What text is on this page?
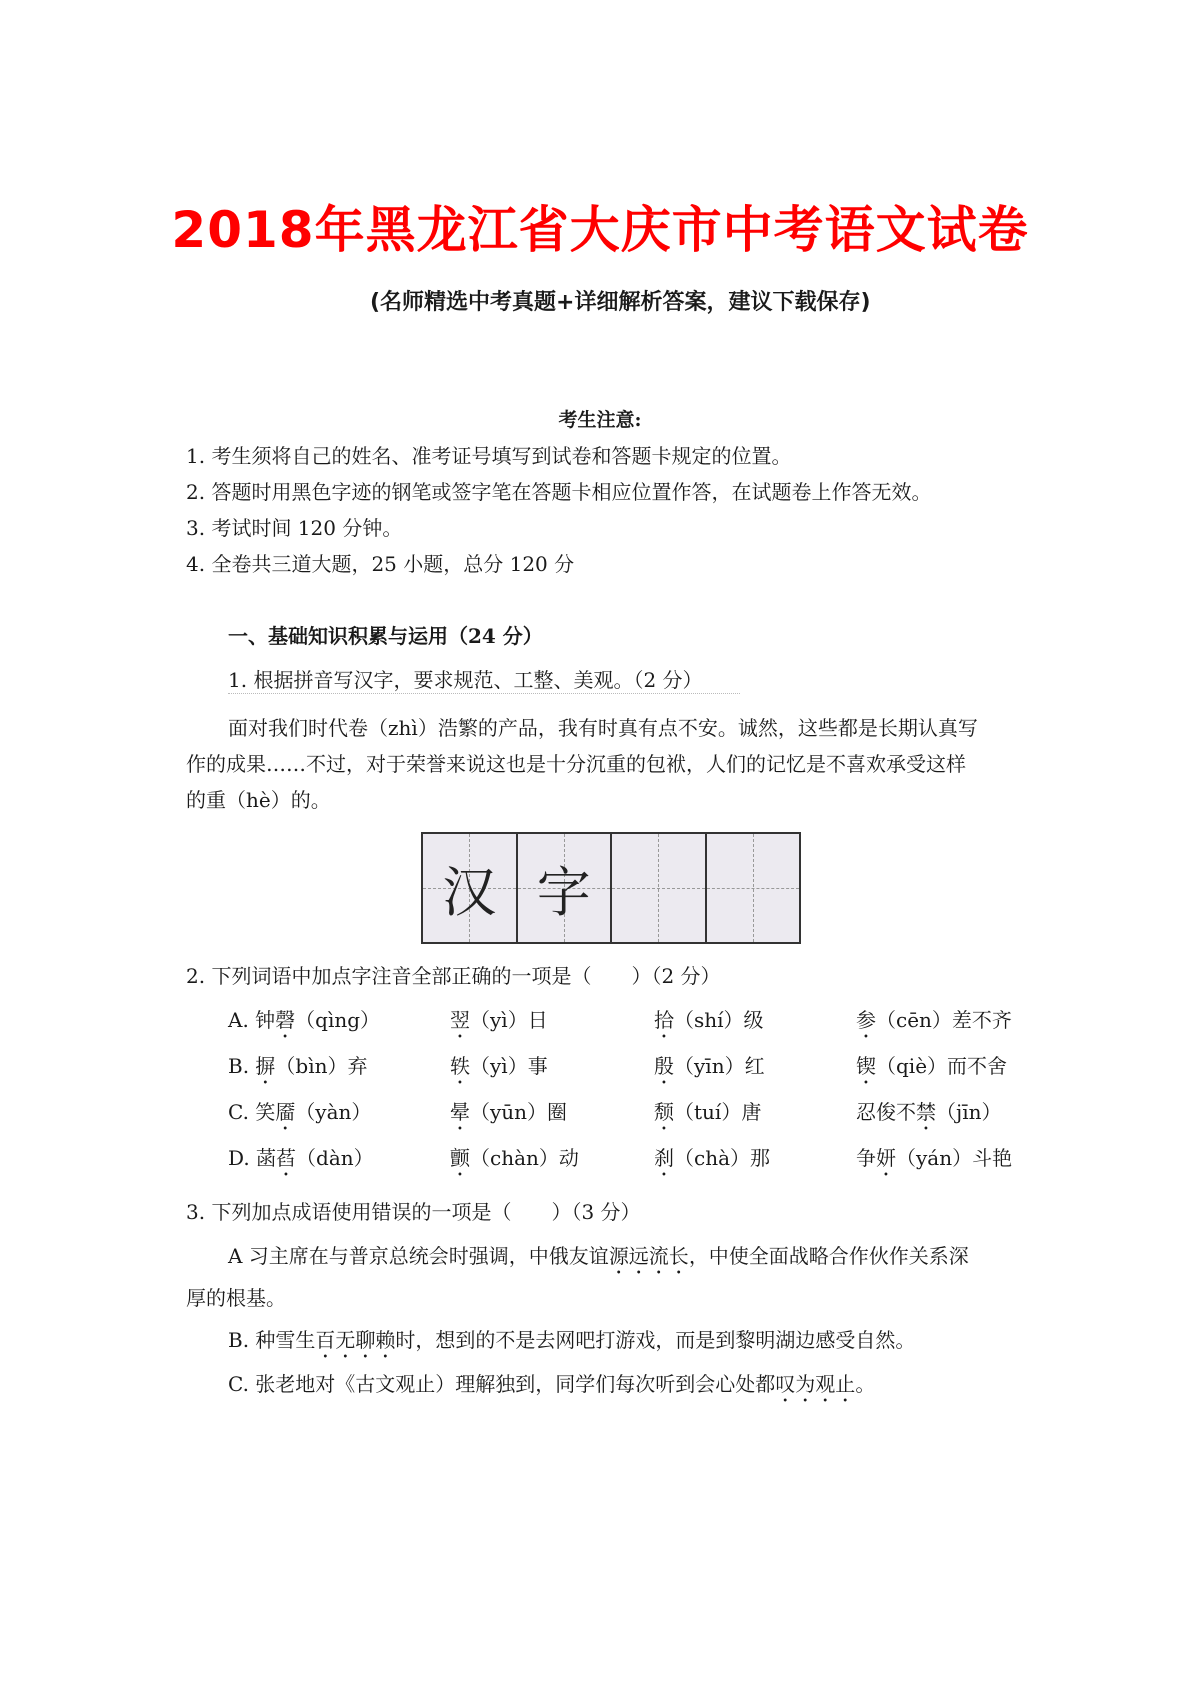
2018年黑龙江省大庆市中考语文试卷
(名师精选中考真题+详细解析答案，建议下载保存)
考生注意:
1. 考生须将自己的姓名、准考证号填写到试卷和答题卡规定的位置。
2. 答题时用黑色字迹的钢笔或签字笔在答题卡相应位置作答，在试题卷上作答无效。
3. 考试时间 120 分钟。
4. 全卷共三道大题，25 小题，总分 120 分
一、基础知识积累与运用（24 分）
1. 根据拼音写汉字，要求规范、工整、美观。（2 分）
面对我们时代卷（zhì）浩繁的产品，我有时真有点不安。诚然，这些都是长期认真写
作的成果……不过，对于荣誉来说这也是十分沉重的包袱，人们的记忆是不喜欢承受这样
的重（hè）的。
汉 字
2. 下列词语中加点字注音全部正确的一项是（　　）（2 分）
A. 钟磬（qìng）	翌（yì）日	拾（shí）级	参（cēn）差不齐
B. 摒（bìn）弃	轶（yì）事	殷（yīn）红	锲（qiè）而不舍
C. 笑靥（yàn）	晕（yūn）圈	颓（tuí）唐	忍俊不禁（jīn）
D. 菡萏（dàn）	颤（chàn）动	刹（chà）那	争妍（yán）斗艳
3. 下列加点成语使用错误的一项是（　　）（3 分）
A 习主席在与普京总统会时强调，中俄友谊源远流长，中使全面战略合作伙作关系深
厚的根基。
B. 种雪生百无聊赖时，想到的不是去网吧打游戏，而是到黎明湖边感受自然。
C. 张老地对《古文观止）理解独到，同学们每次听到会心处都叹为观止。
